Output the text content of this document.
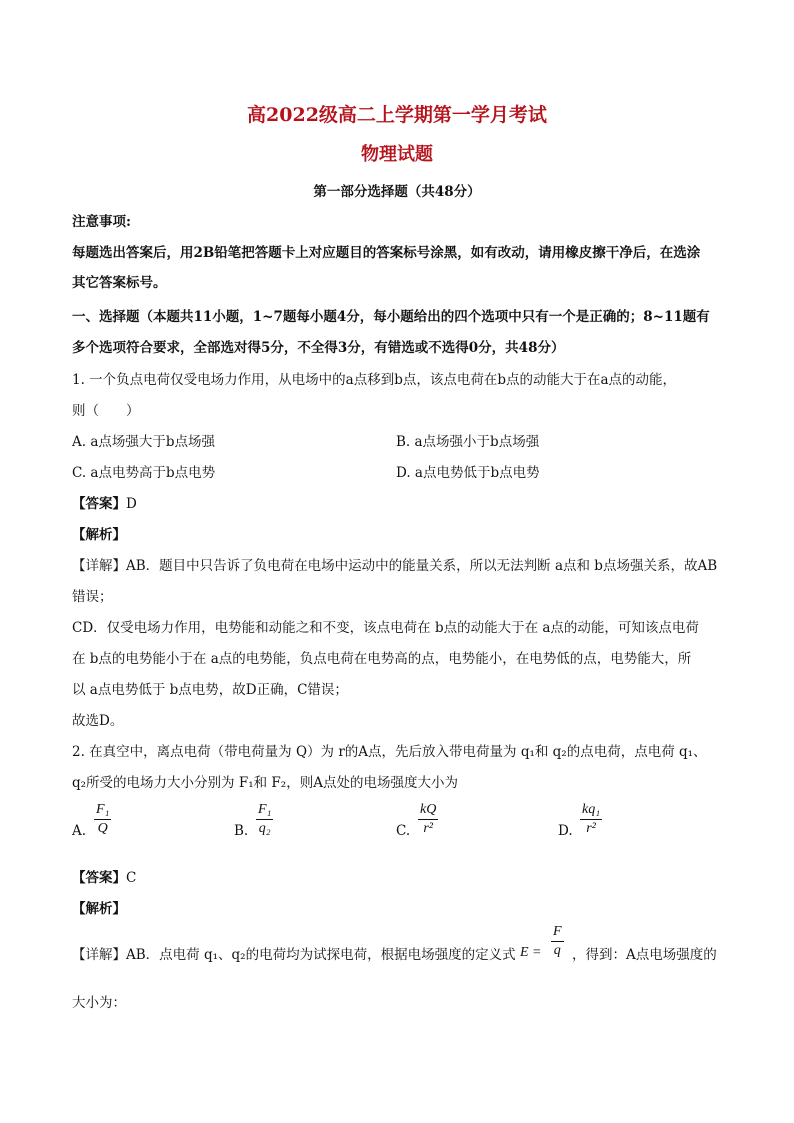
高2022级高二上学期第一学月考试
物理试题
第一部分选择题（共48分）
注意事项:
每题选出答案后，用2B铅笔把答题卡上对应题目的答案标号涂黑，如有改动，请用橡皮擦干净后，在选涂
其它答案标号。
一、选择题（本题共11小题，1~7题每小题4分，每小题给出的四个选项中只有一个是正确的；8~11题有
多个选项符合要求，全部选对得5分，不全得3分，有错选或不选得0分，共48分）
1. 一个负点电荷仅受电场力作用，从电场中的a点移到b点，该点电荷在b点的动能大于在a点的动能，
则（　　）
A. a点场强大于b点场强	B. a点场强小于b点场强
C. a点电势高于b点电势	D. a点电势低于b点电势
【答案】D
【解析】
【详解】AB．题目中只告诉了负电荷在电场中运动中的能量关系，所以无法判断 a点和 b点场强关系，故AB
错误；
CD．仅受电场力作用，电势能和动能之和不变，该点电荷在 b点的动能大于在 a点的动能，可知该点电荷
在 b点的电势能小于在 a点的电势能，负点电荷在电势高的点，电势能小，在电势低的点，电势能大，所
以 a点电势低于 b点电势，故D正确，C错误；
故选D。
2. 在真空中，离点电荷（带电荷量为 Q）为 r的A点，先后放入带电荷量为 q₁和 q₂的点电荷，点电荷 q₁、
q₂所受的电场力大小分别为 F₁和 F₂，则A点处的电场强度大小为
A.
F₁
Q	B.
F₁
q₂	C.
kQ
r²	D.
kq₁
r²
【答案】C
【解析】
【详解】AB．点电荷 q₁、q₂的电荷均为试探电荷，根据电场强度的定义式 E =
F
q ，得到：A点电场强度的
大小为：
